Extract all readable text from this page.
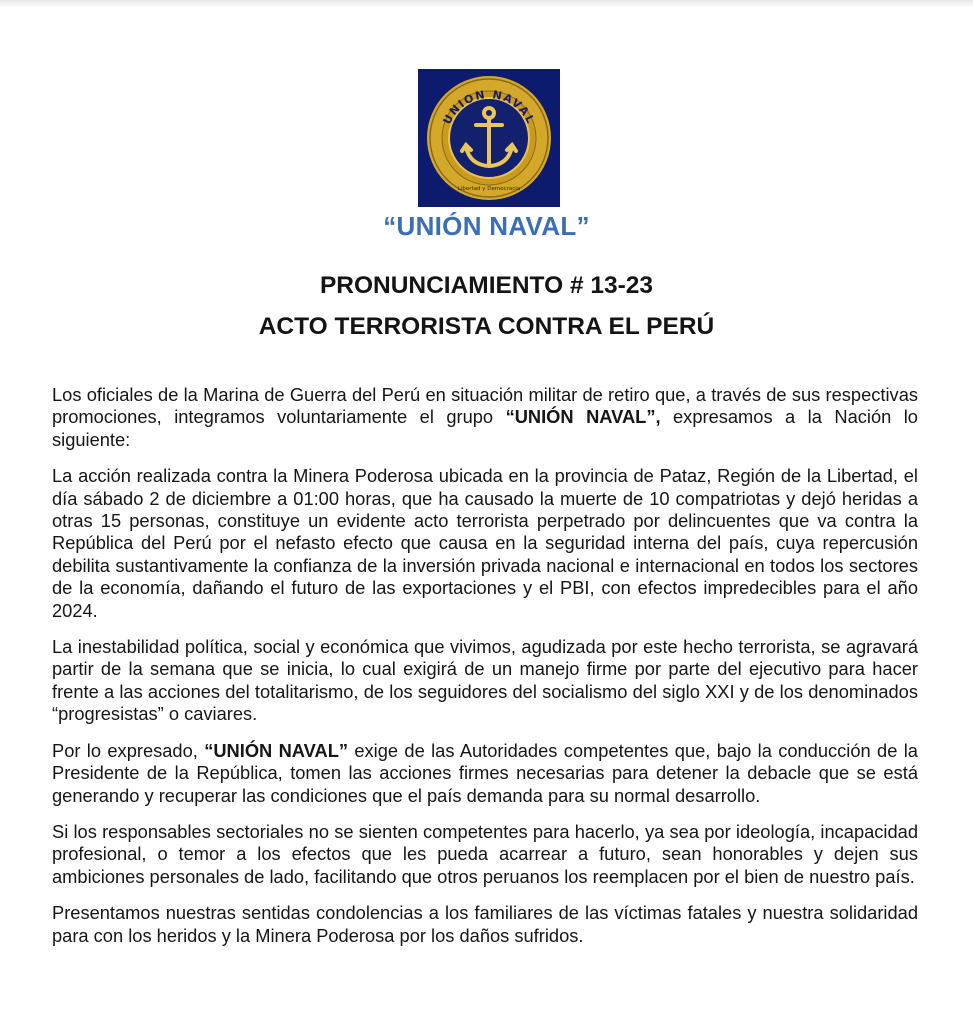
UNION NAVAL
Libertad y Democracia
“UNIÓN NAVAL”
PRONUNCIAMIENTO # 13-23
ACTO TERRORISTA CONTRA EL PERÚ

Los oficiales de la Marina de Guerra del Perú en situación militar de retiro que, a través de sus respectivas promociones, integramos voluntariamente el grupo “UNIÓN NAVAL”, expresamos a la Nación lo siguiente:

La acción realizada contra la Minera Poderosa ubicada en la provincia de Pataz, Región de la Libertad, el día sábado 2 de diciembre a 01:00 horas, que ha causado la muerte de 10 compatriotas y dejó heridas a otras 15 personas, constituye un evidente acto terrorista perpetrado por delincuentes que va contra la República del Perú por el nefasto efecto que causa en la seguridad interna del país, cuya repercusión debilita sustantivamente la confianza de la inversión privada nacional e internacional en todos los sectores de la economía, dañando el futuro de las exportaciones y el PBI, con efectos impredecibles para el año 2024.

La inestabilidad política, social y económica que vivimos, agudizada por este hecho terrorista, se agravará partir de la semana que se inicia, lo cual exigirá de un manejo firme por parte del ejecutivo para hacer frente a las acciones del totalitarismo, de los seguidores del socialismo del siglo XXI y de los denominados “progresistas” o caviares.

Por lo expresado, “UNIÓN NAVAL” exige de las Autoridades competentes que, bajo la conducción de la Presidente de la República, tomen las acciones firmes necesarias para detener la debacle que se está generando y recuperar las condiciones que el país demanda para su normal desarrollo.

Si los responsables sectoriales no se sienten competentes para hacerlo, ya sea por ideología, incapacidad profesional, o temor a los efectos que les pueda acarrear a futuro, sean honorables y dejen sus ambiciones personales de lado, facilitando que otros peruanos los reemplacen por el bien de nuestro país.

Presentamos nuestras sentidas condolencias a los familiares de las víctimas fatales y nuestra solidaridad para con los heridos y la Minera Poderosa por los daños sufridos.
